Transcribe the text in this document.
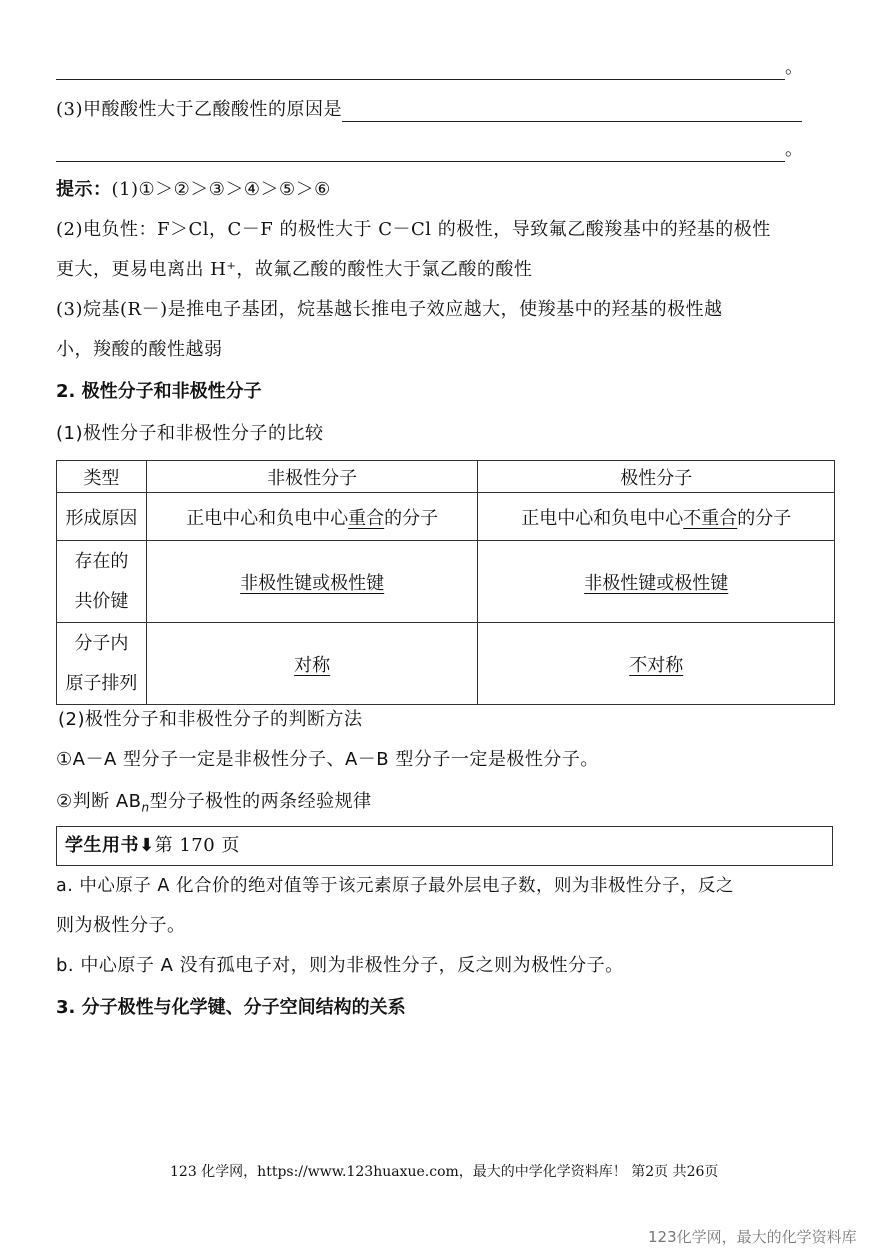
。
(3)甲酸酸性大于乙酸酸性的原因是
。
提示：(1)①＞②＞③＞④＞⑤＞⑥
(2)电负性：F＞Cl，C－F 的极性大于 C－Cl 的极性，导致氟乙酸羧基中的羟基的极性
更大，更易电离出 H⁺，故氟乙酸的酸性大于氯乙酸的酸性
(3)烷基(R－)是推电子基团，烷基越长推电子效应越大，使羧基中的羟基的极性越
小，羧酸的酸性越弱
2. 极性分子和非极性分子
(1)极性分子和非极性分子的比较
类型	非极性分子	极性分子
形成原因	正电中心和负电中心重合的分子	正电中心和负电中心不重合的分子

存在的
共价键	非极性键或极性键	非极性键或极性键

分子内
原子排列	对称	不对称
(2)极性分子和非极性分子的判断方法
①A－A 型分子一定是非极性分子、A－B 型分子一定是极性分子。
②判断 $AB_n$型分子极性的两条经验规律
学生用书⬇第 170 页
a. 中心原子 A 化合价的绝对值等于该元素原子最外层电子数，则为非极性分子，反之
则为极性分子。
b. 中心原子 A 没有孤电子对，则为非极性分子，反之则为极性分子。
3. 分子极性与化学键、分子空间结构的关系
123 化学网，https://www.123huaxue.com，最大的中学化学资料库！ 第2页 共26页
123化学网，最大的化学资料库
